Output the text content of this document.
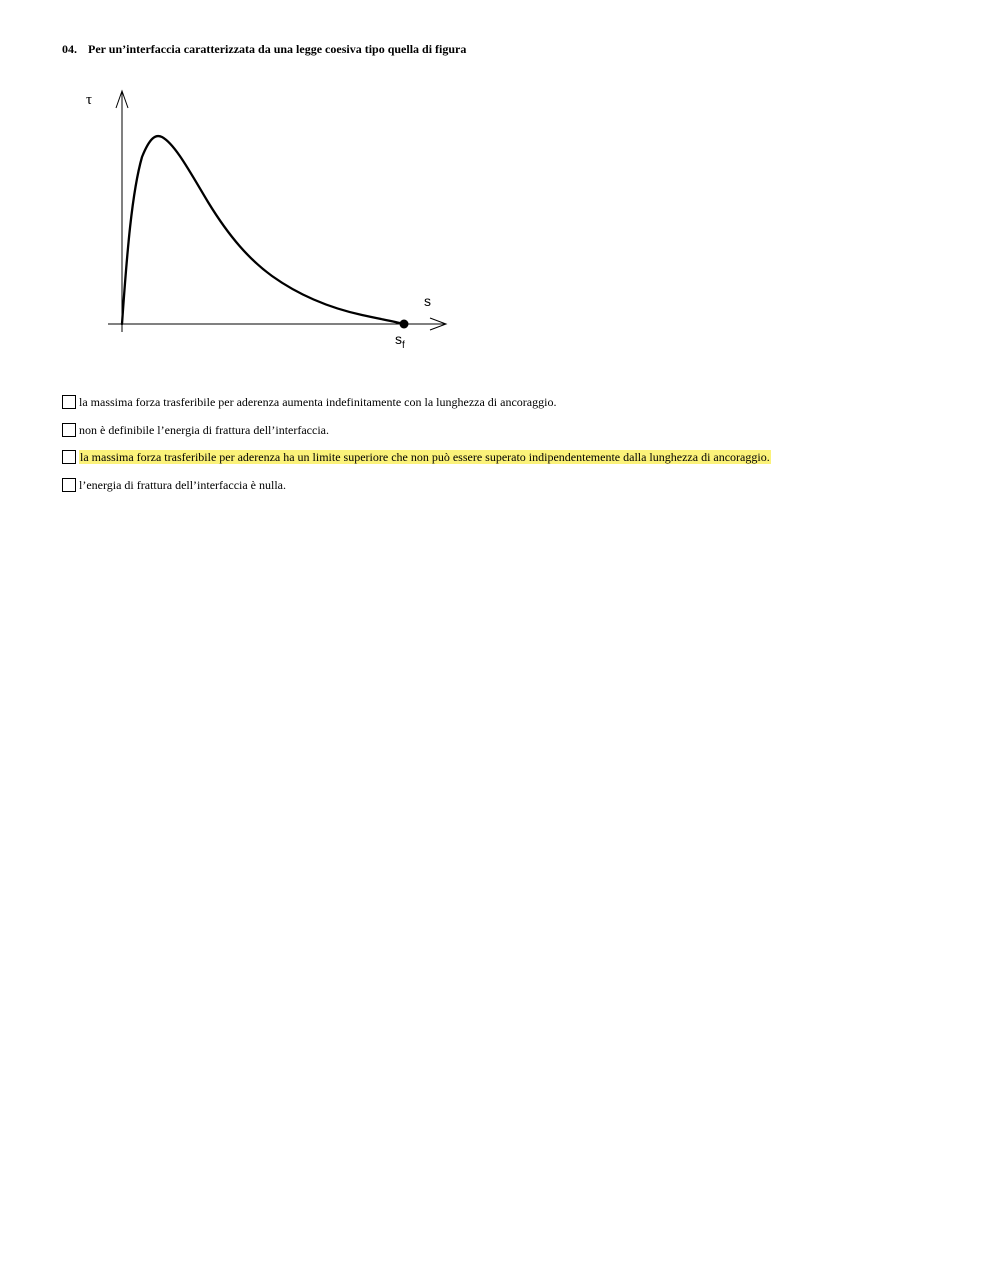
04. Per un’interfaccia caratterizzata da una legge coesiva tipo quella di figura
τ
s
$s_f$
la massima forza trasferibile per aderenza aumenta indefinitamente con la lunghezza di ancoraggio.
non è definibile l’energia di frattura dell’interfaccia.
la massima forza trasferibile per aderenza ha un limite superiore che non può essere superato indipendentemente dalla lunghezza di ancoraggio.
l’energia di frattura dell’interfaccia è nulla.
